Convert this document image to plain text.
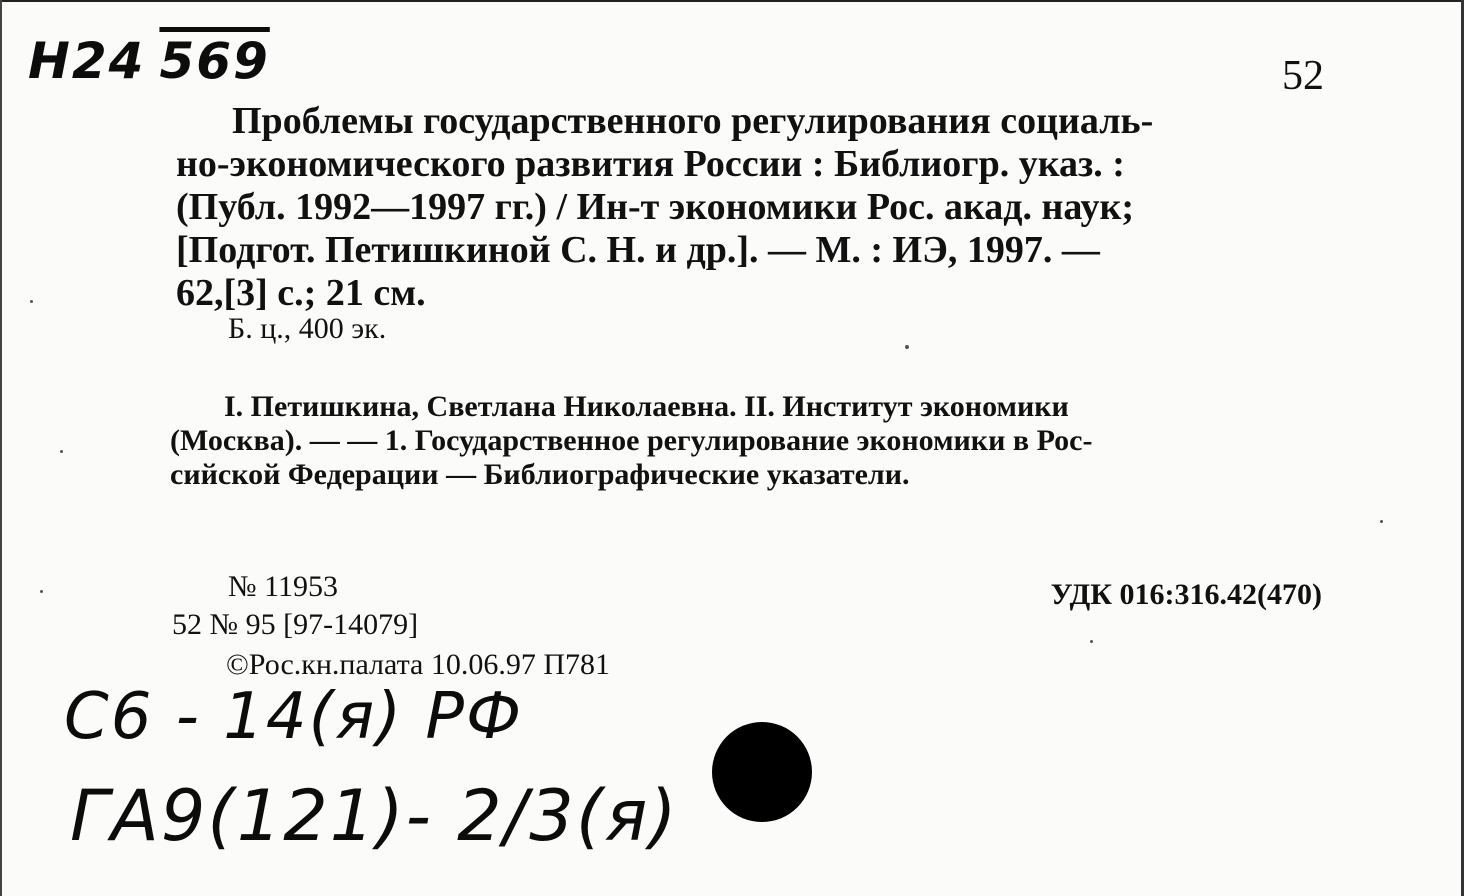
Н24 569	52

Проблемы государственного регулирования социаль-

но-экономического развития России : Библиогр. указ. :

(Публ. 1992—1997 гг.) / Ин-т экономики Рос. акад. наук;

[Подгот. Петишкиной С. Н. и др.]. — М. : ИЭ, 1997. —

62,[3] с.; 21 см.

Б. ц., 400 эк.
I. Петишкина, Светлана Николаевна. II. Институт экономики
(Москва). — — 1. Государственное регулирование экономики в Рос-
сийской Федерации — Библиографические указатели.
№ 11953
52 № 95 [97-14079]
©Рос.кн.палата 10.06.97 П781
УДК 016:316.42(470)
С6 - 14(я) РФ
ГА9(121)- 2/3(я)
